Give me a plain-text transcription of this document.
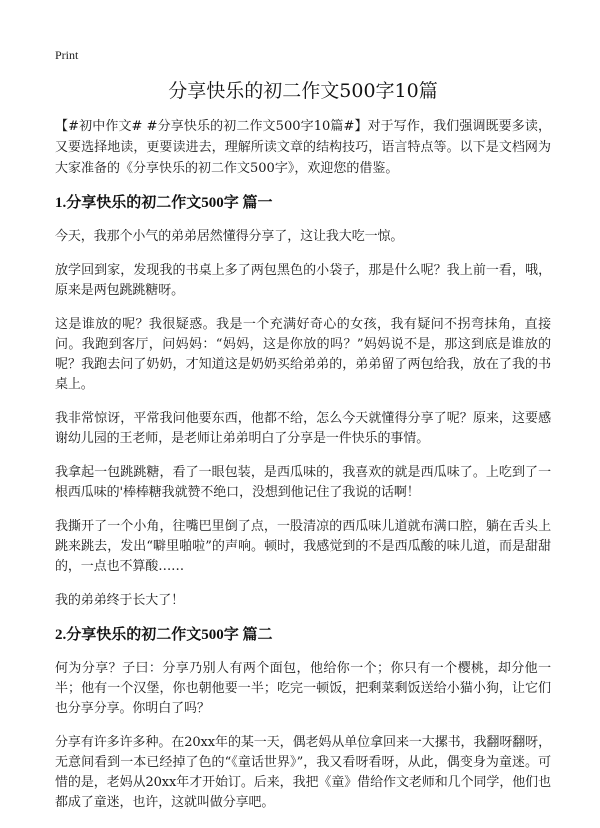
Print
分享快乐的初二作文500字10篇

【#初中作文# #分享快乐的初二作文500字10篇#】对于写作，我们强调既要多读，又要选择地读，更要读进去，理解所读文章的结构技巧，语言特点等。以下是文档网为大家准备的《分享快乐的初二作文500字》，欢迎您的借鉴。

1.分享快乐的初二作文500字 篇一

今天，我那个小气的弟弟居然懂得分享了，这让我大吃一惊。

放学回到家，发现我的书桌上多了两包黑色的小袋子，那是什么呢？我上前一看，哦，原来是两包跳跳糖呀。

这是谁放的呢？我很疑惑。我是一个充满好奇心的女孩，我有疑问不拐弯抹角，直接问。我跑到客厅，问妈妈：“妈妈，这是你放的吗？”妈妈说不是，那这到底是谁放的呢？我跑去问了奶奶，才知道这是奶奶买给弟弟的，弟弟留了两包给我，放在了我的书桌上。

我非常惊讶，平常我问他要东西，他都不给，怎么今天就懂得分享了呢？原来，这要感谢幼儿园的王老师，是老师让弟弟明白了分享是一件快乐的事情。

我拿起一包跳跳糖，看了一眼包装，是西瓜味的，我喜欢的就是西瓜味了。上吃到了一根西瓜味的'棒棒糖我就赞不绝口，没想到他记住了我说的话啊！

我撕开了一个小角，往嘴巴里倒了点，一股清凉的西瓜味儿道就布满口腔，躺在舌头上跳来跳去，发出“噼里啪啦”的声响。顿时，我感觉到的不是西瓜酸的味儿道，而是甜甜的，一点也不算酸……

我的弟弟终于长大了！

2.分享快乐的初二作文500字 篇二

何为分享？子曰：分享乃别人有两个面包，他给你一个；你只有一个樱桃，却分他一半；他有一个汉堡，你也朝他要一半；吃完一顿饭，把剩菜剩饭送给小猫小狗，让它们也分享分享。你明白了吗？

分享有许多许多种。在20xx年的某一天，偶老妈从单位拿回来一大摞书，我翻呀翻呀，无意间看到一本已经掉了色的“《童话世界》”，我又看呀看呀，从此，偶变身为童迷。可惜的是，老妈从20xx年才开始订。后来，我把《童》借给作文老师和几个同学，他们也都成了童迷，也许，这就叫做分享吧。
